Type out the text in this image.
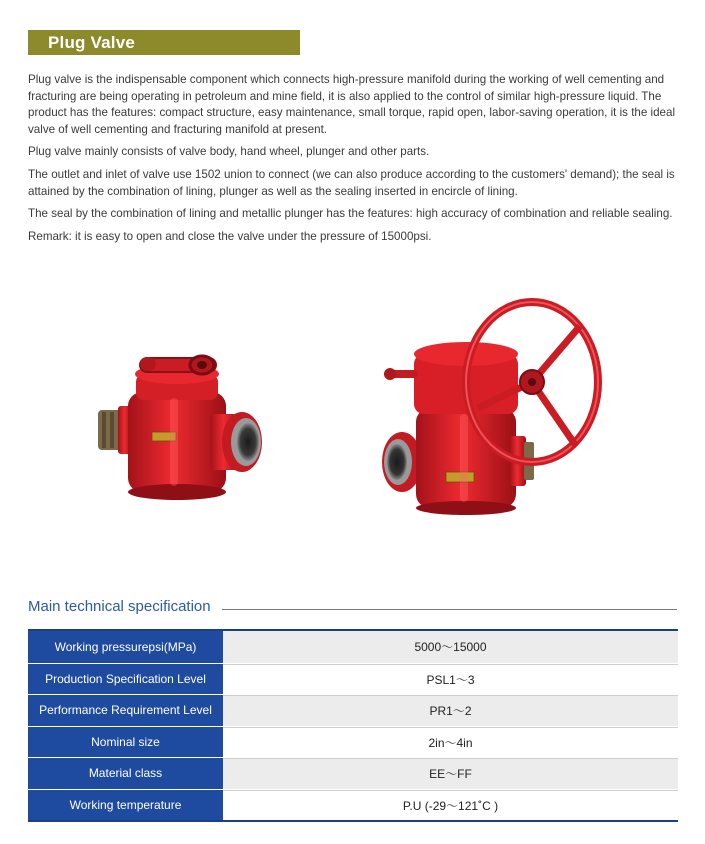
Plug Valve

Plug valve is the indispensable component which connects high-pressure manifold during the working of well cementing and fracturing are being operating in petroleum and mine field, it is also applied to the control of similar high-pressure liquid. The product has the features: compact structure, easy maintenance, small torque, rapid open, labor-saving operation, it is the ideal valve of well cementing and fracturing manifold at present.

Plug valve mainly consists of valve body, hand wheel, plunger and other parts.

The outlet and inlet of valve use 1502 union to connect (we can also produce according to the customers' demand); the seal is attained by the combination of lining, plunger as well as the sealing inserted in encircle of lining.

The seal by the combination of lining and metallic plunger has the features: high accuracy of combination and reliable sealing.

Remark: it is easy to open and close the valve under the pressure of 15000psi.

Main technical specification
Working pressurepsi(MPa)	5000～15000
Production Specification Level	PSL1～3
Performance Requirement Level	PR1～2
Nominal size	2in～4in
Material class	EE～FF
Working temperature	P.U (-29～121˚C )
